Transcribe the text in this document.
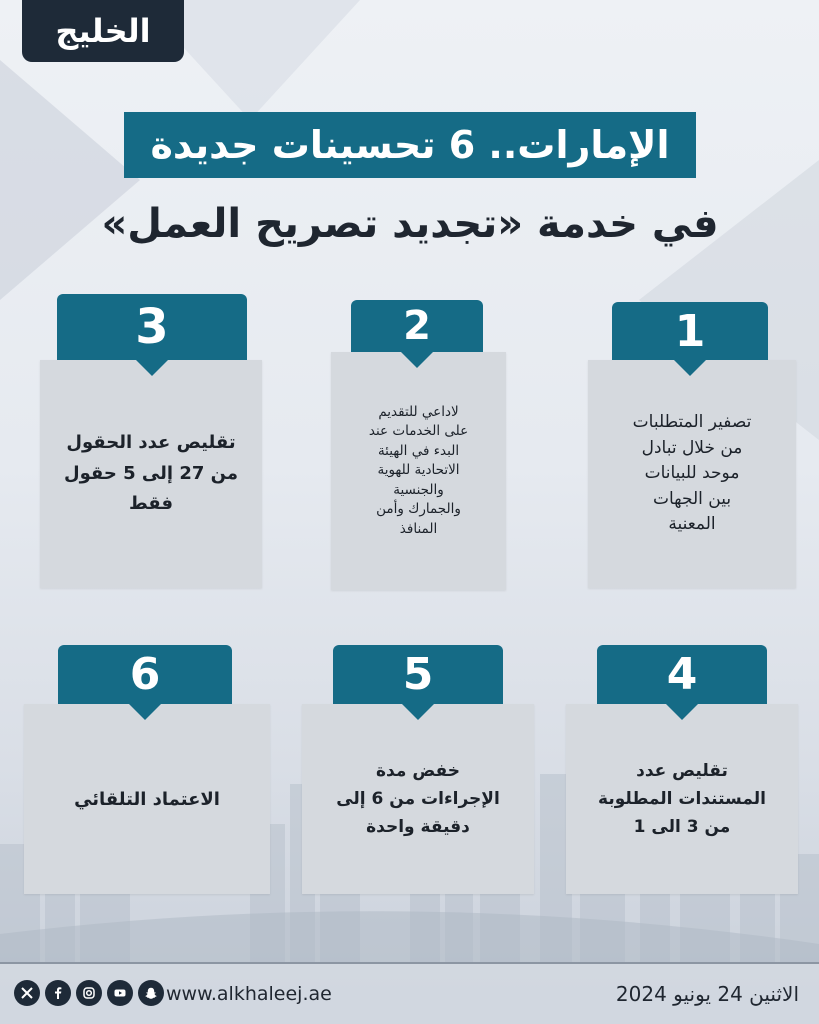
الخليج
الإمارات.. 6 تحسينات جديدة
في خدمة «تجديد تصريح العمل»
تصفير المتطلبات
من خلال تبادل
موحد للبيانات
بين الجهات
المعنية
1
لاداعي للتقديم
على الخدمات عند
البدء في الهيئة
الاتحادية للهوية
والجنسية
والجمارك وأمن
المنافذ
2
تقليص عدد الحقول
من 27 إلى 5 حقول
فقط
3
تقليص عدد
المستندات المطلوبة
من 3 الى 1
4
خفض مدة
الإجراءات من 6 إلى
دقيقة واحدة
5
الاعتماد التلقائي
6
الاثنين 24 يونيو 2024
www.alkhaleej.ae
